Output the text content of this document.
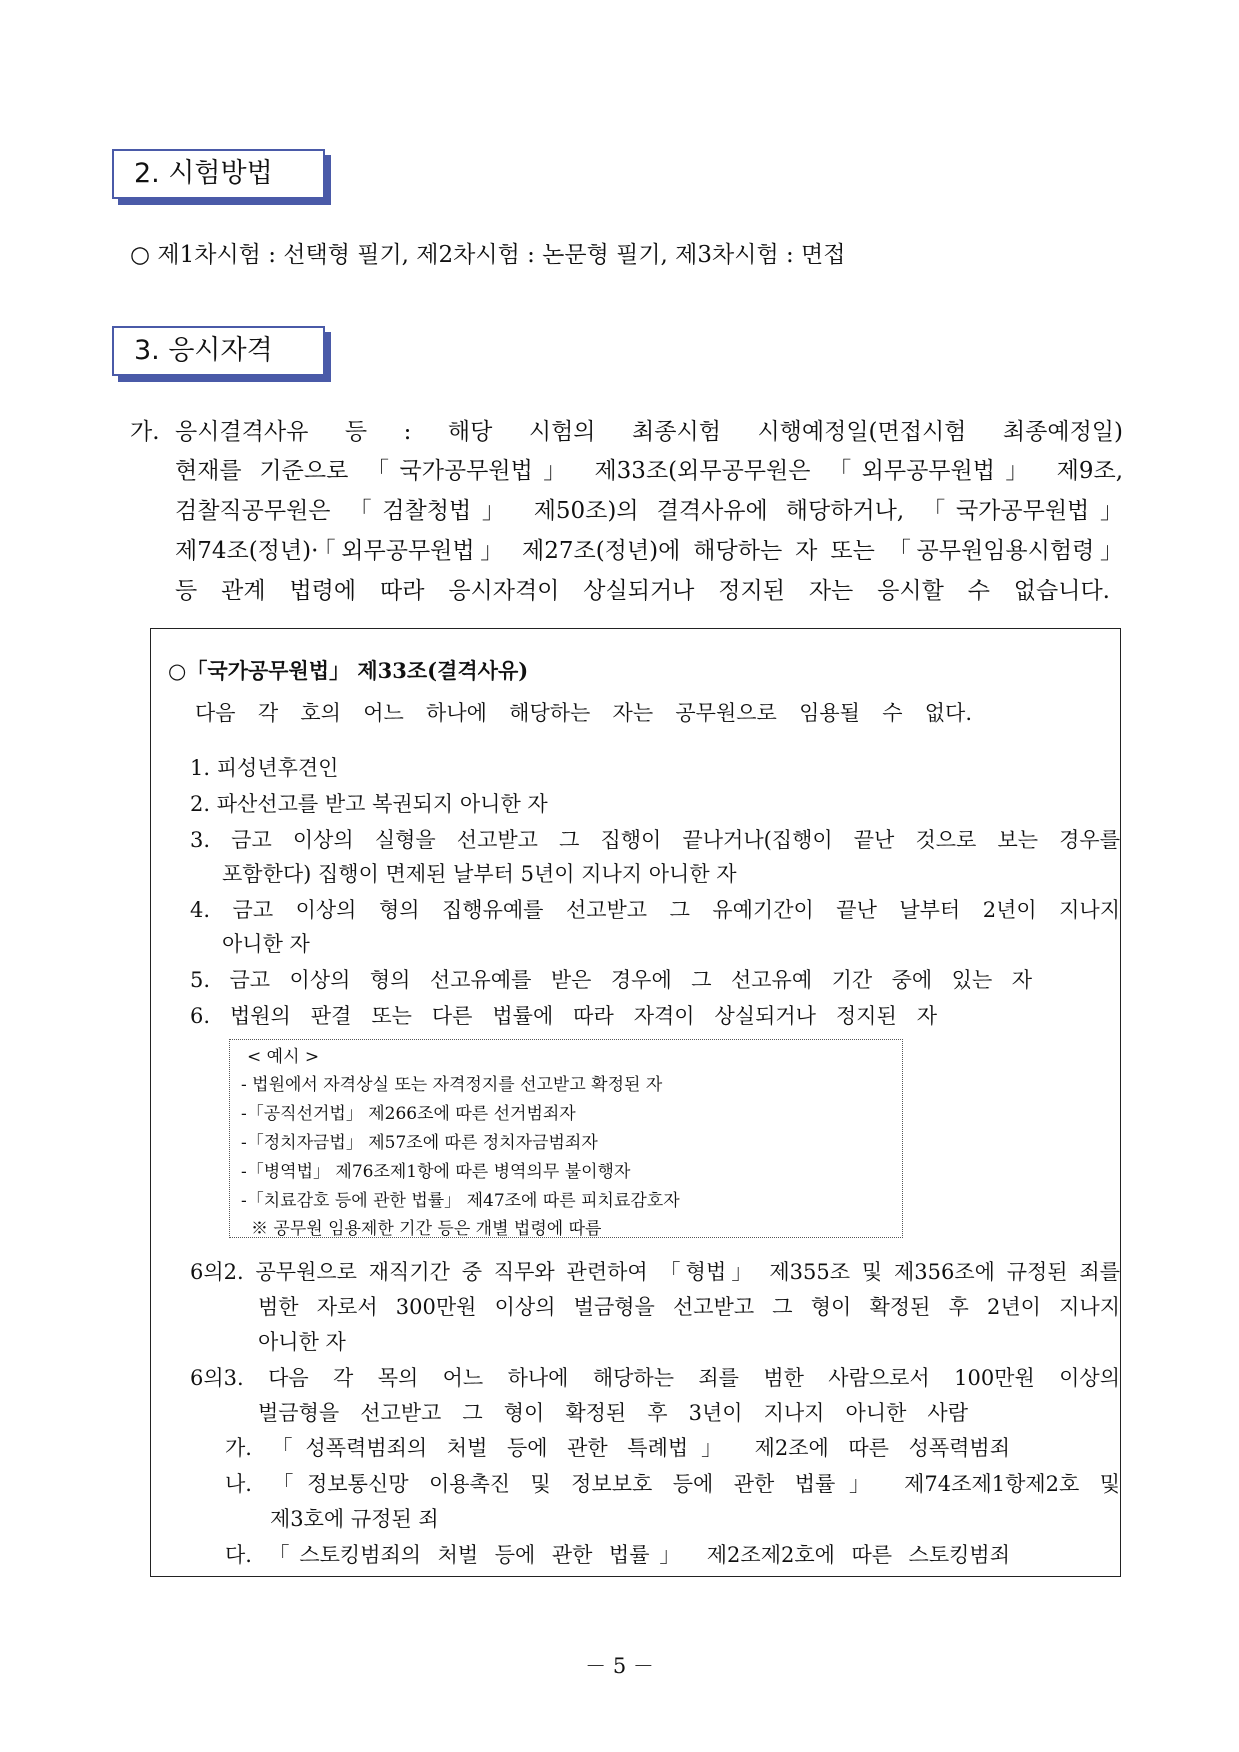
2. 시험방법
○ 제1차시험 : 선택형 필기, 제2차시험 : 논문형 필기, 제3차시험 : 면접
3. 응시자격
가. 응시결격사유 등 : 해당 시험의 최종시험 시행예정일(면접시험 최종예정일)
현재를 기준으로 「국가공무원법」 제33조(외무공무원은 「외무공무원법」 제9조,
검찰직공무원은 「검찰청법」 제50조)의 결격사유에 해당하거나, 「국가공무원법」
제74조(정년)·「외무공무원법」 제27조(정년)에 해당하는 자 또는 「공무원임용시험령」
등 관계 법령에 따라 응시자격이 상실되거나 정지된 자는 응시할 수 없습니다.
○「국가공무원법」 제33조(결격사유)
다음 각 호의 어느 하나에 해당하는 자는 공무원으로 임용될 수 없다.
1. 피성년후견인
2. 파산선고를 받고 복권되지 아니한 자
3. 금고 이상의 실형을 선고받고 그 집행이 끝나거나(집행이 끝난 것으로 보는 경우를
포함한다) 집행이 면제된 날부터 5년이 지나지 아니한 자
4. 금고 이상의 형의 집행유예를 선고받고 그 유예기간이 끝난 날부터 2년이 지나지
아니한 자
5. 금고 이상의 형의 선고유예를 받은 경우에 그 선고유예 기간 중에 있는 자
6. 법원의 판결 또는 다른 법률에 따라 자격이 상실되거나 정지된 자
< 예시 >
- 법원에서 자격상실 또는 자격정지를 선고받고 확정된 자
-「공직선거법」 제266조에 따른 선거범죄자
-「정치자금법」 제57조에 따른 정치자금범죄자
-「병역법」 제76조제1항에 따른 병역의무 불이행자
-「치료감호 등에 관한 법률」 제47조에 따른 피치료감호자
※ 공무원 임용제한 기간 등은 개별 법령에 따름
6의2. 공무원으로 재직기간 중 직무와 관련하여 「형법」 제355조 및 제356조에 규정된 죄를
범한 자로서 300만원 이상의 벌금형을 선고받고 그 형이 확정된 후 2년이 지나지
아니한 자
6의3. 다음 각 목의 어느 하나에 해당하는 죄를 범한 사람으로서 100만원 이상의
벌금형을 선고받고 그 형이 확정된 후 3년이 지나지 아니한 사람
가. 「성폭력범죄의 처벌 등에 관한 특례법」 제2조에 따른 성폭력범죄
나. 「정보통신망 이용촉진 및 정보보호 등에 관한 법률」 제74조제1항제2호 및
제3호에 규정된 죄
다. 「스토킹범죄의 처벌 등에 관한 법률」 제2조제2호에 따른 스토킹범죄
－ 5 －
